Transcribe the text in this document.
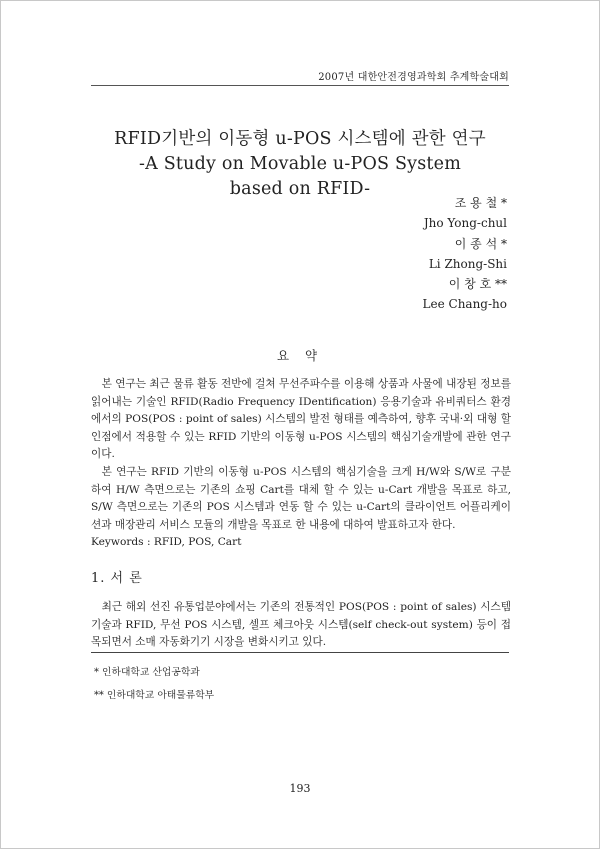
2007년 대한안전경영과학회 추계학술대회
RFID기반의 이동형 u-POS 시스템에 관한 연구
-A Study on Movable u-POS System
based on RFID-
조 용 철 *
Jho Yong-chul
이 종 석 *
Li Zhong-Shi
이 창 호 **
Lee Chang-ho
요 약

본 연구는 최근 물류 활동 전반에 걸쳐 무선주파수를 이용해 상품과 사물에 내장된 정보를 읽어내는 기술인 RFID(Radio Frequency IDentification) 응용기술과 유비쿼터스 환경에서의 POS(POS : point of sales) 시스템의 발전 형태를 예측하여, 향후 국내·외 대형 할인점에서 적용할 수 있는 RFID 기반의 이동형 u-POS 시스템의 핵심기술개발에 관한 연구이다.

본 연구는 RFID 기반의 이동형 u-POS 시스템의 핵심기술을 크게 H/W와 S/W로 구분하여 H/W 측면으로는 기존의 쇼핑 Cart를 대체 할 수 있는 u-Cart 개발을 목표로 하고, S/W 측면으로는 기존의 POS 시스템과 연동 할 수 있는 u-Cart의 클라이언트 어플리케이션과 매장관리 서비스 모듈의 개발을 목표로 한 내용에 대하여 발표하고자 한다.

Keywords : RFID, POS, Cart

1. 서 론

최근 해외 선진 유통업분야에서는 기존의 전통적인 POS(POS : point of sales) 시스템 기술과 RFID, 무선 POS 시스템, 셀프 체크아웃 시스템(self check-out system) 등이 접목되면서 소매 자동화기기 시장을 변화시키고 있다.

* 인하대학교 산업공학과
** 인하대학교 아태물류학부
193
